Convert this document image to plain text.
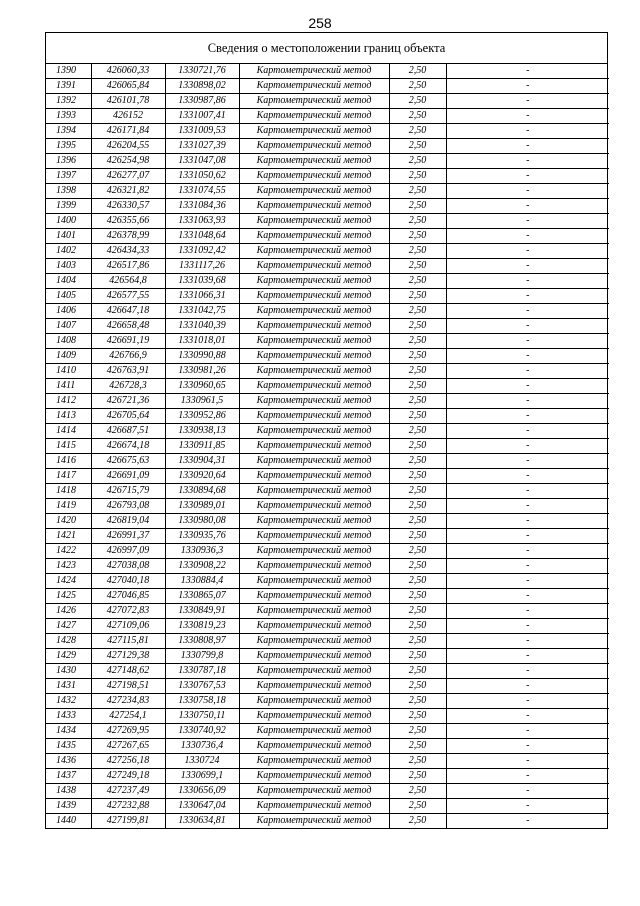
258
Сведения о местоположении границ объекта
1390	426060,33	1330721,76	Картометрический метод	2,50	-
1391	426065,84	1330898,02	Картометрический метод	2,50	-
1392	426101,78	1330987,86	Картометрический метод	2,50	-
1393	426152	1331007,41	Картометрический метод	2,50	-
1394	426171,84	1331009,53	Картометрический метод	2,50	-
1395	426204,55	1331027,39	Картометрический метод	2,50	-
1396	426254,98	1331047,08	Картометрический метод	2,50	-
1397	426277,07	1331050,62	Картометрический метод	2,50	-
1398	426321,82	1331074,55	Картометрический метод	2,50	-
1399	426330,57	1331084,36	Картометрический метод	2,50	-
1400	426355,66	1331063,93	Картометрический метод	2,50	-
1401	426378,99	1331048,64	Картометрический метод	2,50	-
1402	426434,33	1331092,42	Картометрический метод	2,50	-
1403	426517,86	1331117,26	Картометрический метод	2,50	-
1404	426564,8	1331039,68	Картометрический метод	2,50	-
1405	426577,55	1331066,31	Картометрический метод	2,50	-
1406	426647,18	1331042,75	Картометрический метод	2,50	-
1407	426658,48	1331040,39	Картометрический метод	2,50	-
1408	426691,19	1331018,01	Картометрический метод	2,50	-
1409	426766,9	1330990,88	Картометрический метод	2,50	-
1410	426763,91	1330981,26	Картометрический метод	2,50	-
1411	426728,3	1330960,65	Картометрический метод	2,50	-
1412	426721,36	1330961,5	Картометрический метод	2,50	-
1413	426705,64	1330952,86	Картометрический метод	2,50	-
1414	426687,51	1330938,13	Картометрический метод	2,50	-
1415	426674,18	1330911,85	Картометрический метод	2,50	-
1416	426675,63	1330904,31	Картометрический метод	2,50	-
1417	426691,09	1330920,64	Картометрический метод	2,50	-
1418	426715,79	1330894,68	Картометрический метод	2,50	-
1419	426793,08	1330989,01	Картометрический метод	2,50	-
1420	426819,04	1330980,08	Картометрический метод	2,50	-
1421	426991,37	1330935,76	Картометрический метод	2,50	-
1422	426997,09	1330936,3	Картометрический метод	2,50	-
1423	427038,08	1330908,22	Картометрический метод	2,50	-
1424	427040,18	1330884,4	Картометрический метод	2,50	-
1425	427046,85	1330865,07	Картометрический метод	2,50	-
1426	427072,83	1330849,91	Картометрический метод	2,50	-
1427	427109,06	1330819,23	Картометрический метод	2,50	-
1428	427115,81	1330808,97	Картометрический метод	2,50	-
1429	427129,38	1330799,8	Картометрический метод	2,50	-
1430	427148,62	1330787,18	Картометрический метод	2,50	-
1431	427198,51	1330767,53	Картометрический метод	2,50	-
1432	427234,83	1330758,18	Картометрический метод	2,50	-
1433	427254,1	1330750,11	Картометрический метод	2,50	-
1434	427269,95	1330740,92	Картометрический метод	2,50	-
1435	427267,65	1330736,4	Картометрический метод	2,50	-
1436	427256,18	1330724	Картометрический метод	2,50	-
1437	427249,18	1330699,1	Картометрический метод	2,50	-
1438	427237,49	1330656,09	Картометрический метод	2,50	-
1439	427232,88	1330647,04	Картометрический метод	2,50	-
1440	427199,81	1330634,81	Картометрический метод	2,50	-
